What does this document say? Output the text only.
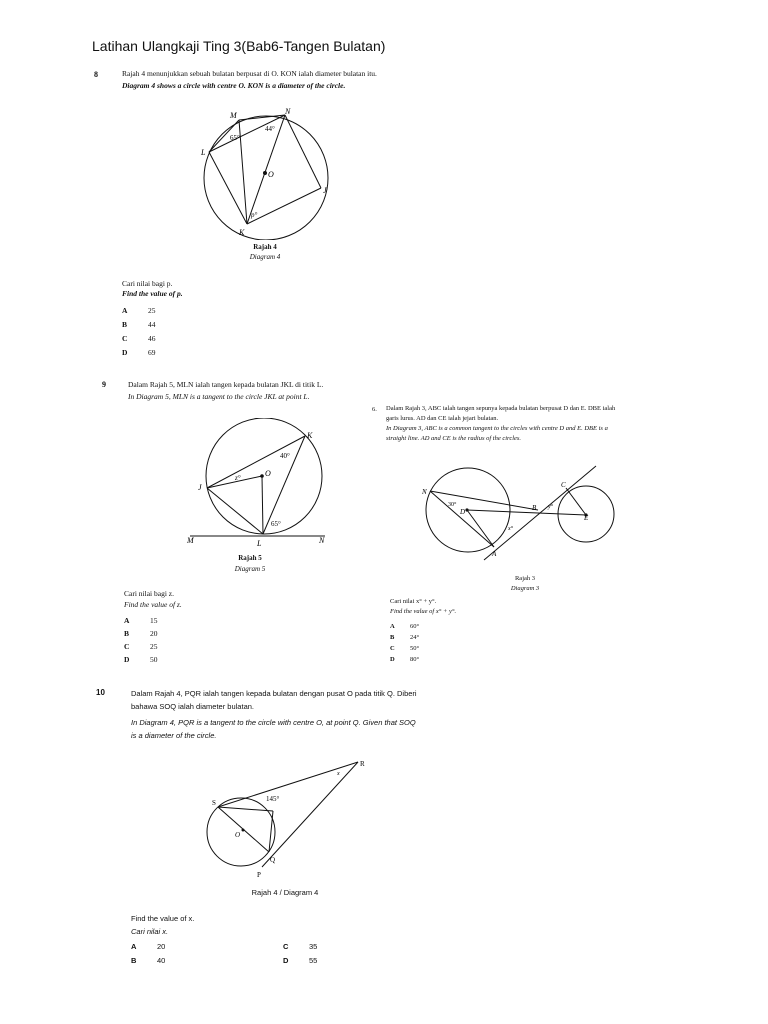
Latihan Ulangkaji Ting 3(Bab6-Tangen Bulatan)
8	Rajah 4 menunjukkan sebuah bulatan berpusat di O. KON ialah diameter bulatan itu.
Diagram 4 shows a circle with centre O. KON is a diameter of the circle.
M	N
L
O
J
K
65°
44°
p°
Rajah 4
Diagram 4
Cari nilai bagi p.
Find the value of p.
A	25
B	44
C	46
D	69
9	Dalam Rajah 5, MLN ialah tangen kepada bulatan JKL di titik L.
In Diagram 5, MLN is a tangent to the circle JKL at point L.
K
J
O
M	L	N
40°
z°
65°
Rajah 5
Diagram 5
Cari nilai bagi z.
Find the value of z.
A	15
B	20
C	25
D	50
6. Dalam Rajah 3, ABC ialah tangen sepunya kepada bulatan berpusat D dan E. DBE ialah
garis lurus. AD dan CE ialah jejari bulatan.
In Diagram 3, ABC is a common tangent to the circles with centre D and E. DBE is a
straight line. AD and CE is the radius of the circles.
N
30°
D	B
E
C
A
x°
y°
Rajah 3
Diagram 3
Cari nilai x° + y°.
Find the value of x° + y°.
A 60°
B 24°
C 50°
D 80°
10	Dalam Rajah 4, PQR ialah tangen kepada bulatan dengan pusat O pada titik Q. Diberi
bahawa SOQ ialah diameter bulatan.
In Diagram 4, PQR is a tangent to the circle with centre O, at point Q. Given that SOQ
is a diameter of the circle.
R
S	145°
O
Q
P
x
Rajah 4 / Diagram 4
Find the value of x.
Cari nilai x.
A	20
B	40
C	35
D	55
